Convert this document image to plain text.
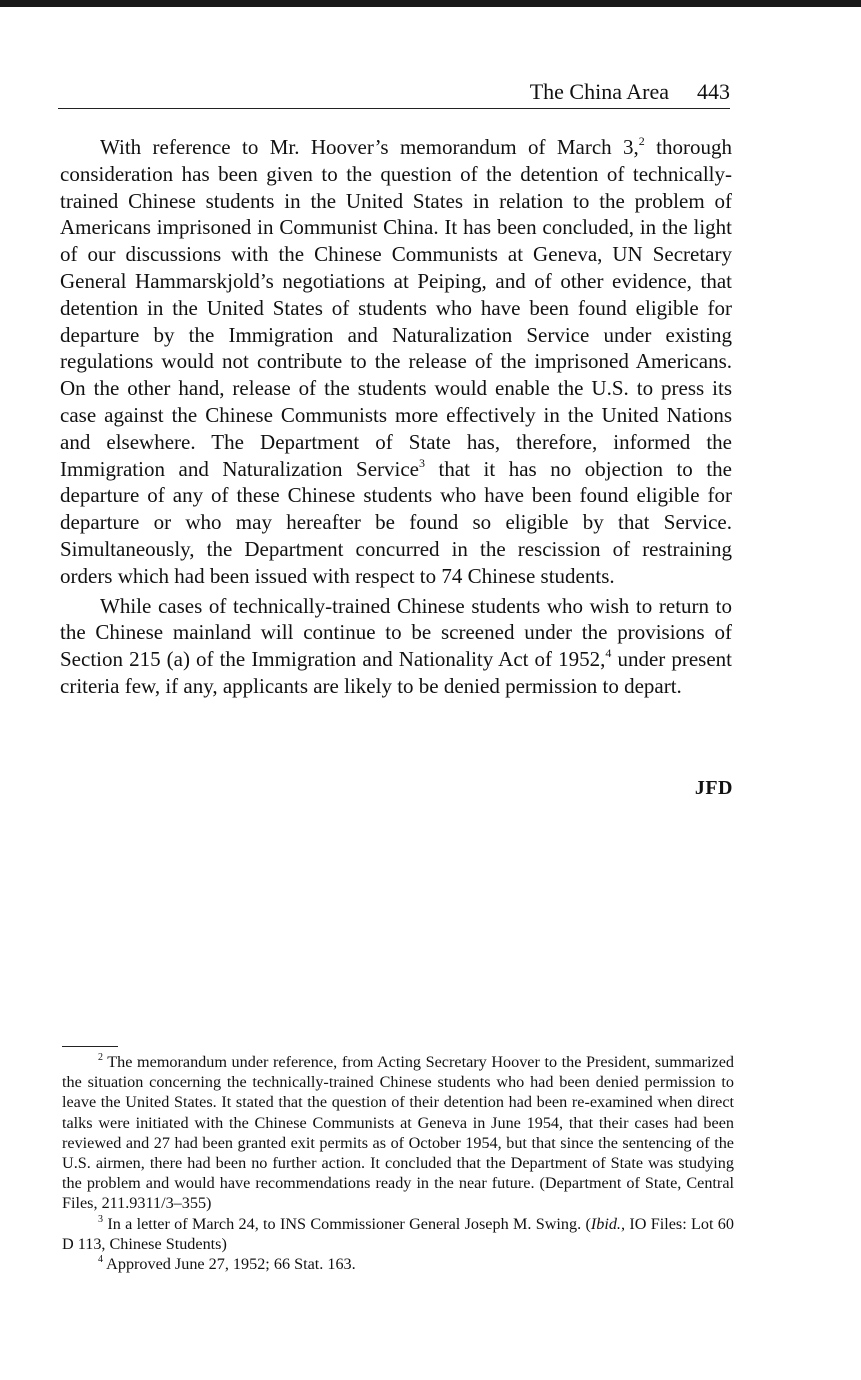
The China Area 443

With reference to Mr. Hoover’s memorandum of March 3,$^2$ thorough consideration has been given to the question of the detention of technically-trained Chinese students in the United States in relation to the problem of Americans imprisoned in Communist China. It has been concluded, in the light of our discussions with the Chinese Communists at Geneva, UN Secretary General Hammarskjold’s negotiations at Peiping, and of other evidence, that detention in the United States of students who have been found eligible for departure by the Immigration and Naturalization Service under existing regulations would not contribute to the release of the imprisoned Americans. On the other hand, release of the students would enable the U.S. to press its case against the Chinese Communists more effectively in the United Nations and elsewhere. The Department of State has, therefore, informed the Immigration and Naturalization Service$^3$ that it has no objection to the departure of any of these Chinese students who have been found eligible for departure or who may hereafter be found so eligible by that Service. Simultaneously, the Department concurred in the rescission of restraining orders which had been issued with respect to 74 Chinese students.

While cases of technically-trained Chinese students who wish to return to the Chinese mainland will continue to be screened under the provisions of Section 215 (a) of the Immigration and Nationality Act of 1952,$^4$ under present criteria few, if any, applicants are likely to be denied permission to depart.

JFD

$^2$ The memorandum under reference, from Acting Secretary Hoover to the President, summarized the situation concerning the technically-trained Chinese students who had been denied permission to leave the United States. It stated that the question of their detention had been re-examined when direct talks were initiated with the Chinese Communists at Geneva in June 1954, that their cases had been reviewed and 27 had been granted exit permits as of October 1954, but that since the sentencing of the U.S. airmen, there had been no further action. It concluded that the Department of State was studying the problem and would have recommendations ready in the near future. (Department of State, Central Files, 211.9311/3–355)

$^3$ In a letter of March 24, to INS Commissioner General Joseph M. Swing. (Ibid., IO Files: Lot 60 D 113, Chinese Students)

$^4$ Approved June 27, 1952; 66 Stat. 163.
